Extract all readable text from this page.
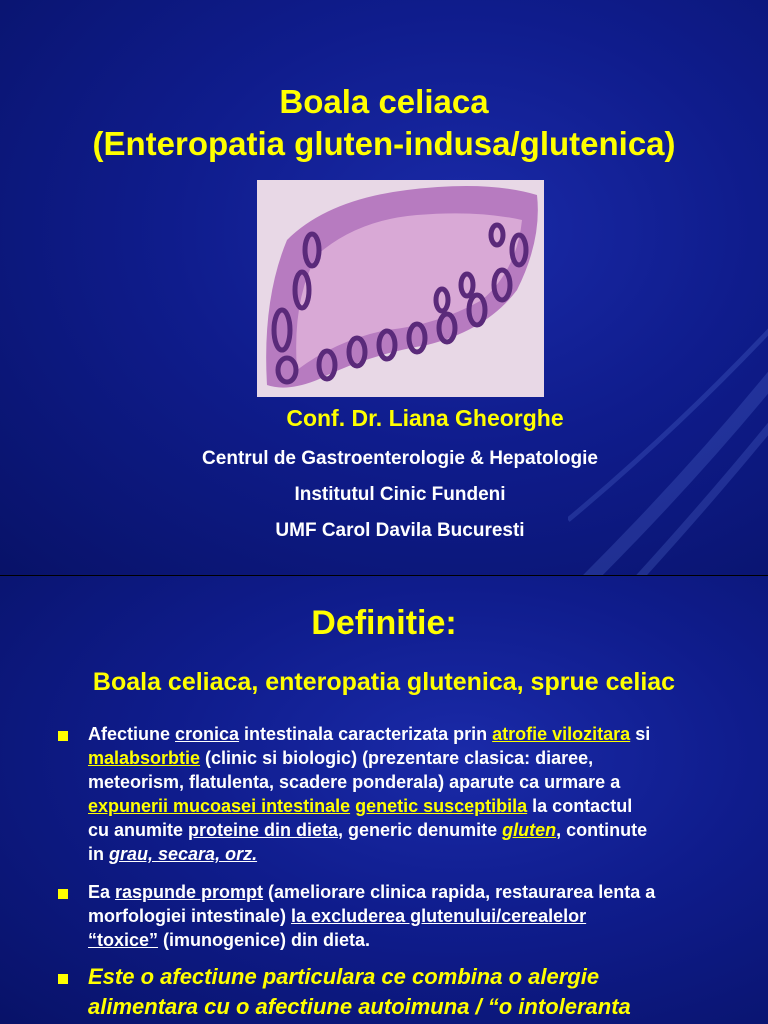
Boala celiaca
(Enteropatia gluten-indusa/glutenica)
Conf. Dr. Liana Gheorghe
Centrul de Gastroenterologie & Hepatologie
Institutul Cinic Fundeni
UMF Carol Davila Bucuresti
Definitie:
Boala celiaca, enteropatia glutenica, sprue celiac
Afectiune cronica intestinala caracterizata prin atrofie vilozitara si
malabsorbtie (clinic si biologic) (prezentare clasica: diaree,
meteorism, flatulenta, scadere ponderala) aparute ca urmare a
expunerii mucoasei intestinale genetic susceptibila la contactul
cu anumite proteine din dieta, generic denumite gluten, continute
in grau, secara, orz.
Ea raspunde prompt (ameliorare clinica rapida, restaurarea lenta a
morfologiei intestinale) la excluderea glutenului/cerealelor
“toxice” (imunogenice) din dieta.
Este o afectiune particulara ce combina o alergie
alimentara cu o afectiune autoimuna / “o intoleranta
